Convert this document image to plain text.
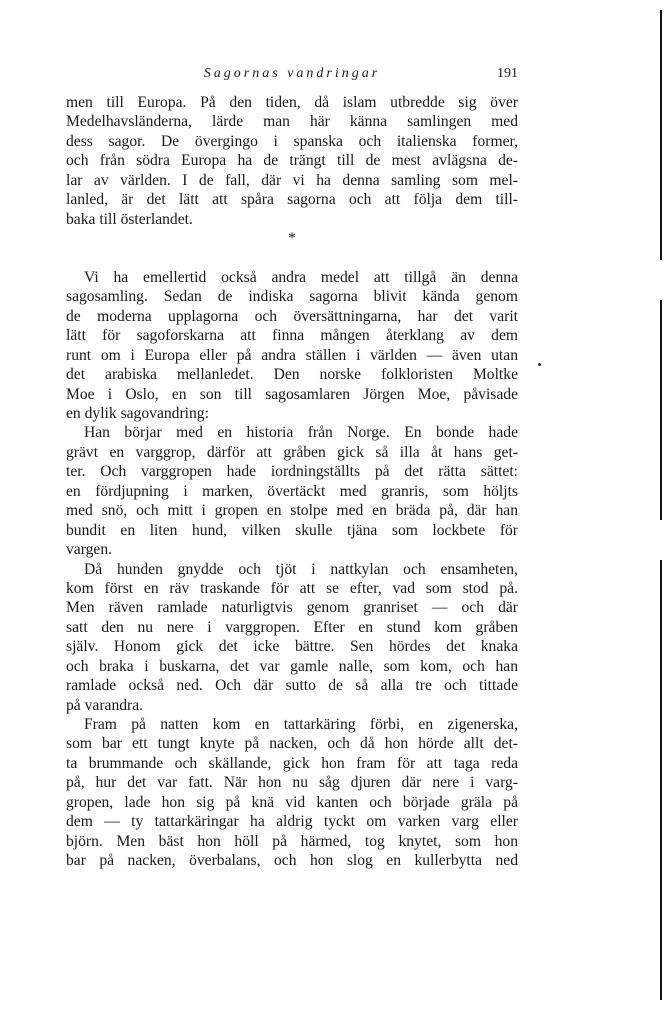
Sagornas vandringar	191
men till Europa. På den tiden, då islam utbredde sig över
Medelhavsländerna, lärde man här känna samlingen med
dess sagor. De övergingo i spanska och italienska former,
och från södra Europa ha de trängt till de mest avlägsna de-
lar av världen. I de fall, där vi ha denna samling som mel-
lanled, är det lätt att spåra sagorna och att följa dem till-
baka till österlandet.
*
Vi ha emellertid också andra medel att tillgå än denna
sagosamling. Sedan de indiska sagorna blivit kända genom
de moderna upplagorna och översättningarna, har det varit
lätt för sagoforskarna att finna mången återklang av dem
runt om i Europa eller på andra ställen i världen — även utan
det arabiska mellanledet. Den norske folkloristen Moltke
Moe i Oslo, en son till sagosamlaren Jörgen Moe, påvisade
en dylik sagovandring:
Han börjar med en historia från Norge. En bonde hade
grävt en varggrop, därför att gråben gick så illa åt hans get-
ter. Och varggropen hade iordningställts på det rätta sättet:
en fördjupning i marken, övertäckt med granris, som höljts
med snö, och mitt i gropen en stolpe med en bräda på, där han
bundit en liten hund, vilken skulle tjäna som lockbete för
vargen.
Då hunden gnydde och tjöt i nattkylan och ensamheten,
kom först en räv traskande för att se efter, vad som stod på.
Men räven ramlade naturligtvis genom granriset — och där
satt den nu nere i varggropen. Efter en stund kom gråben
själv. Honom gick det icke bättre. Sen hördes det knaka
och braka i buskarna, det var gamle nalle, som kom, och han
ramlade också ned. Och där sutto de så alla tre och tittade
på varandra.
Fram på natten kom en tattarkäring förbi, en zigenerska,
som bar ett tungt knyte på nacken, och då hon hörde allt det-
ta brummande och skällande, gick hon fram för att taga reda
på, hur det var fatt. När hon nu såg djuren där nere i varg-
gropen, lade hon sig på knä vid kanten och började gräla på
dem — ty tattarkäringar ha aldrig tyckt om varken varg eller
björn. Men bäst hon höll på härmed, tog knytet, som hon
bar på nacken, överbalans, och hon slog en kullerbytta ned
